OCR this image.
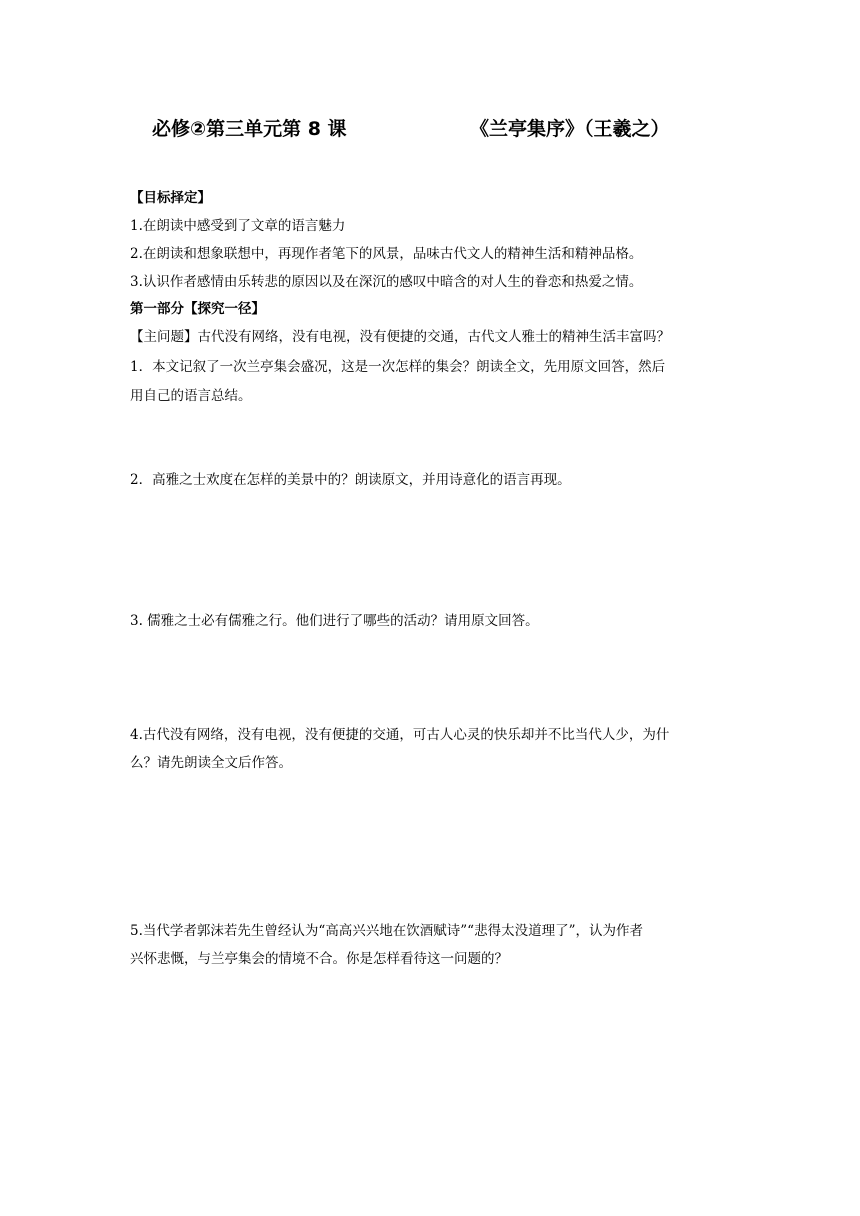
必修②第三单元第 8 课	《兰亭集序》（王羲之）
【目标择定】
1.在朗读中感受到了文章的语言魅力
2.在朗读和想象联想中，再现作者笔下的风景，品味古代文人的精神生活和精神品格。
3.认识作者感情由乐转悲的原因以及在深沉的感叹中暗含的对人生的眷恋和热爱之情。
第一部分【探究一径】
【主问题】古代没有网络，没有电视，没有便捷的交通，古代文人雅士的精神生活丰富吗？
1．本文记叙了一次兰亭集会盛况，这是一次怎样的集会？朗读全文，先用原文回答，然后
用自己的语言总结。
2．高雅之士欢度在怎样的美景中的？朗读原文，并用诗意化的语言再现。
3. 儒雅之士必有儒雅之行。他们进行了哪些的活动？请用原文回答。
4.古代没有网络，没有电视，没有便捷的交通，可古人心灵的快乐却并不比当代人少，为什
么？请先朗读全文后作答。
5.当代学者郭沫若先生曾经认为“高高兴兴地在饮酒赋诗”“悲得太没道理了”，认为作者
兴怀悲慨，与兰亭集会的情境不合。你是怎样看待这一问题的？
